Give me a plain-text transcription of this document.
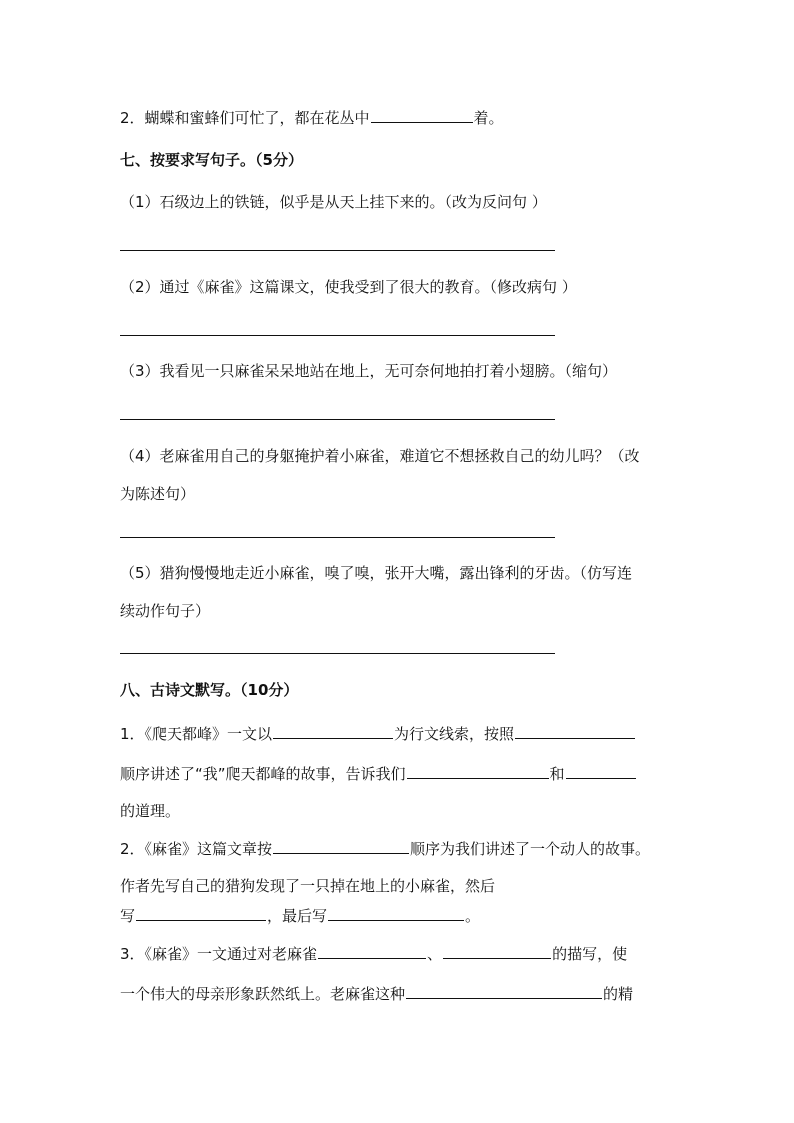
2．蝴蝶和蜜蜂们可忙了，都在花丛中	着。
七、按要求写句子。（5分）
（1）石级边上的铁链，似乎是从天上挂下来的。（改为反问句 ）
（2）通过《麻雀》这篇课文，使我受到了很大的教育。（修改病句 ）
（3）我看见一只麻雀呆呆地站在地上，无可奈何地拍打着小翅膀。（缩句）
（4）老麻雀用自己的身躯掩护着小麻雀，难道它不想拯救自己的幼儿吗？（改
为陈述句）
（5）猎狗慢慢地走近小麻雀，嗅了嗅，张开大嘴，露出锋利的牙齿。（仿写连
续动作句子）
八、古诗文默写。（10分）
1．《爬天都峰》一文以	为行文线索，按照
顺序讲述了“我”爬天都峰的故事，告诉我们	和
的道理。
2．《麻雀》这篇文章按	顺序为我们讲述了一个动人的故事。
作者先写自己的猎狗发现了一只掉在地上的小麻雀，然后
写	，最后写	。
3．《麻雀》一文通过对老麻雀	、	的描写，使
一个伟大的母亲形象跃然纸上。老麻雀这种	的精
